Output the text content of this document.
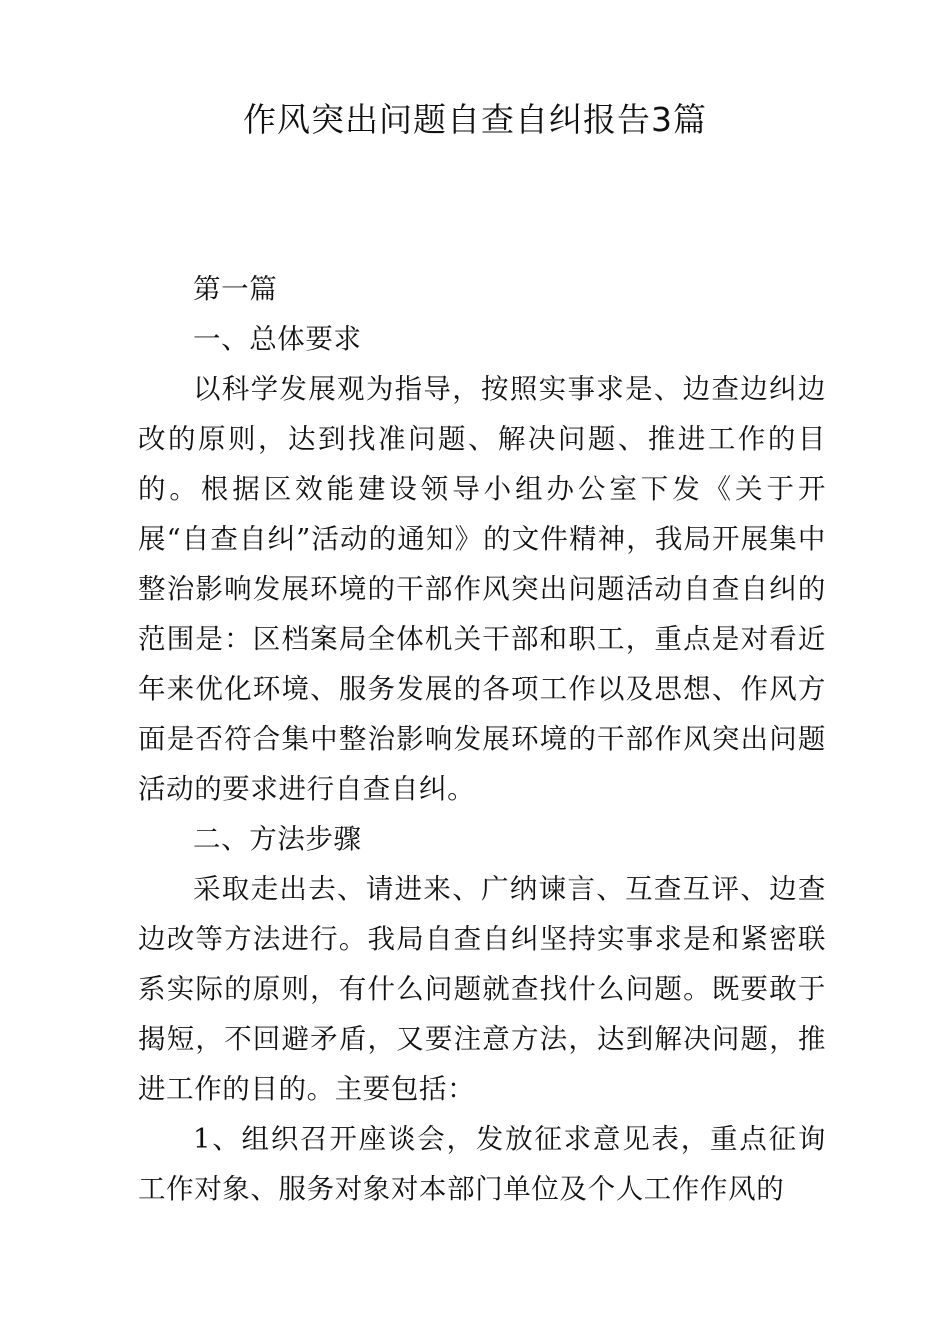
作风突出问题自查自纠报告3篇

第一篇

一、总体要求

以科学发展观为指导，按照实事求是、边查边纠边改的原则，达到找准问题、解决问题、推进工作的目的。根据区效能建设领导小组办公室下发《关于开展“自查自纠”活动的通知》的文件精神，我局开展集中整治影响发展环境的干部作风突出问题活动自查自纠的范围是：区档案局全体机关干部和职工，重点是对看近年来优化环境、服务发展的各项工作以及思想、作风方面是否符合集中整治影响发展环境的干部作风突出问题活动的要求进行自查自纠。

二、方法步骤

采取走出去、请进来、广纳谏言、互查互评、边查边改等方法进行。我局自查自纠坚持实事求是和紧密联系实际的原则，有什么问题就查找什么问题。既要敢于揭短，不回避矛盾，又要注意方法，达到解决问题，推进工作的目的。主要包括：

1、组织召开座谈会，发放征求意见表，重点征询工作对象、服务对象对本部门单位及个人工作作风的
